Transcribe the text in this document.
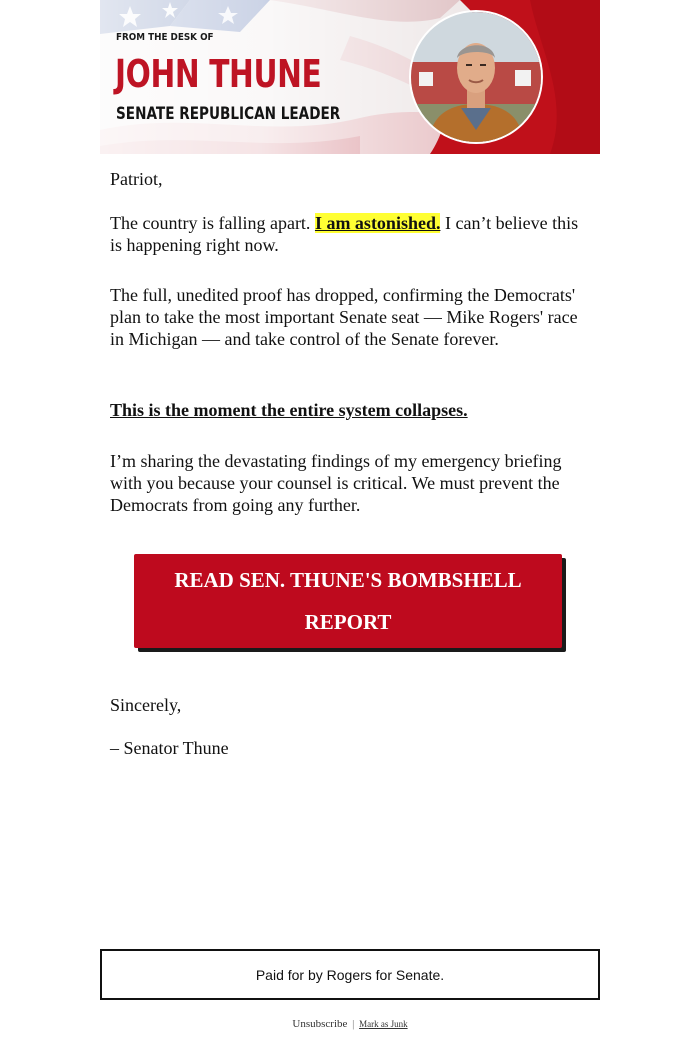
FROM THE DESK OF
JOHN THUNE
SENATE REPUBLICAN LEADER

Patriot,

The country is falling apart. I am astonished. I can’t believe this is happening right now.

The full, unedited proof has dropped, confirming the Democrats' plan to take the most important Senate seat — Mike Rogers' race in Michigan — and take control of the Senate forever.

This is the moment the entire system collapses.

I’m sharing the devastating findings of my emergency briefing with you because your counsel is critical. We must prevent the Democrats from going any further.

READ SEN. THUNE'S BOMBSHELL REPORT
Sincerely,
– Senator Thune
Paid for by Rogers for Senate.
Unsubscribe | Mark as Junk
